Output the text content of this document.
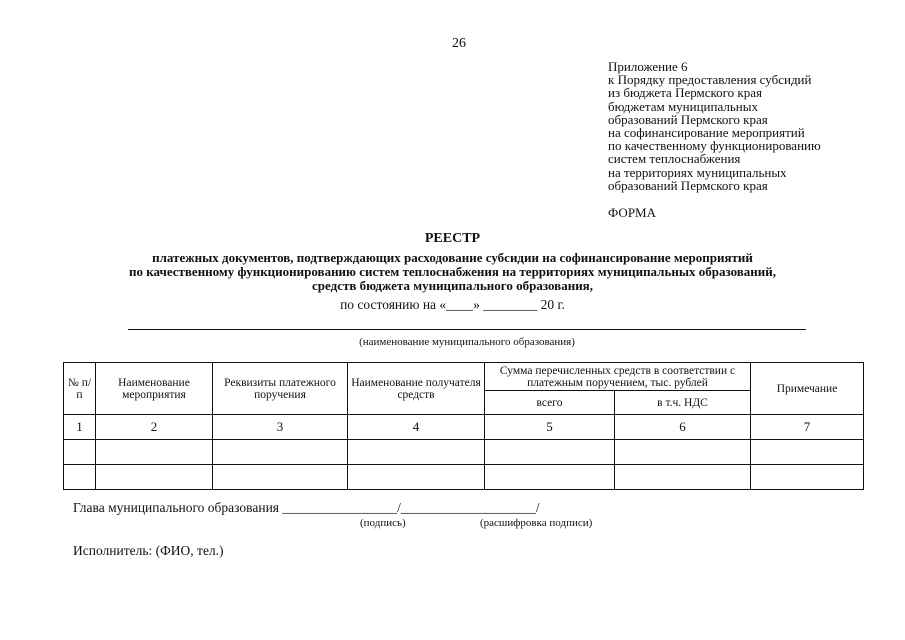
26
Приложение 6
к Порядку предоставления субсидий
из бюджета Пермского края
бюджетам муниципальных
образований Пермского края
на софинансирование мероприятий
по качественному функционированию
систем теплоснабжения
на территориях муниципальных
образований Пермского края
ФОРМА
РЕЕСТР
платежных документов, подтверждающих расходование субсидии на софинансирование мероприятий
по качественному функционированию систем теплоснабжения на территориях муниципальных образований,
средств бюджета муниципального образования,
по состоянию на «____» ________ 20 г.
(наименование муниципального образования)
№ п/п	Наименование мероприятия	Реквизиты платежного поручения	Наименование получателя средств	Сумма перечисленных средств в соответствии с платежным поручением, тыс. рублей		Примечание
				всего	в т.ч. НДС	
1	2	3	4	5	6	7

Глава муниципального образования _________________/____________________/
(подпись)	(расшифровка подписи)
Исполнитель: (ФИО, тел.)
